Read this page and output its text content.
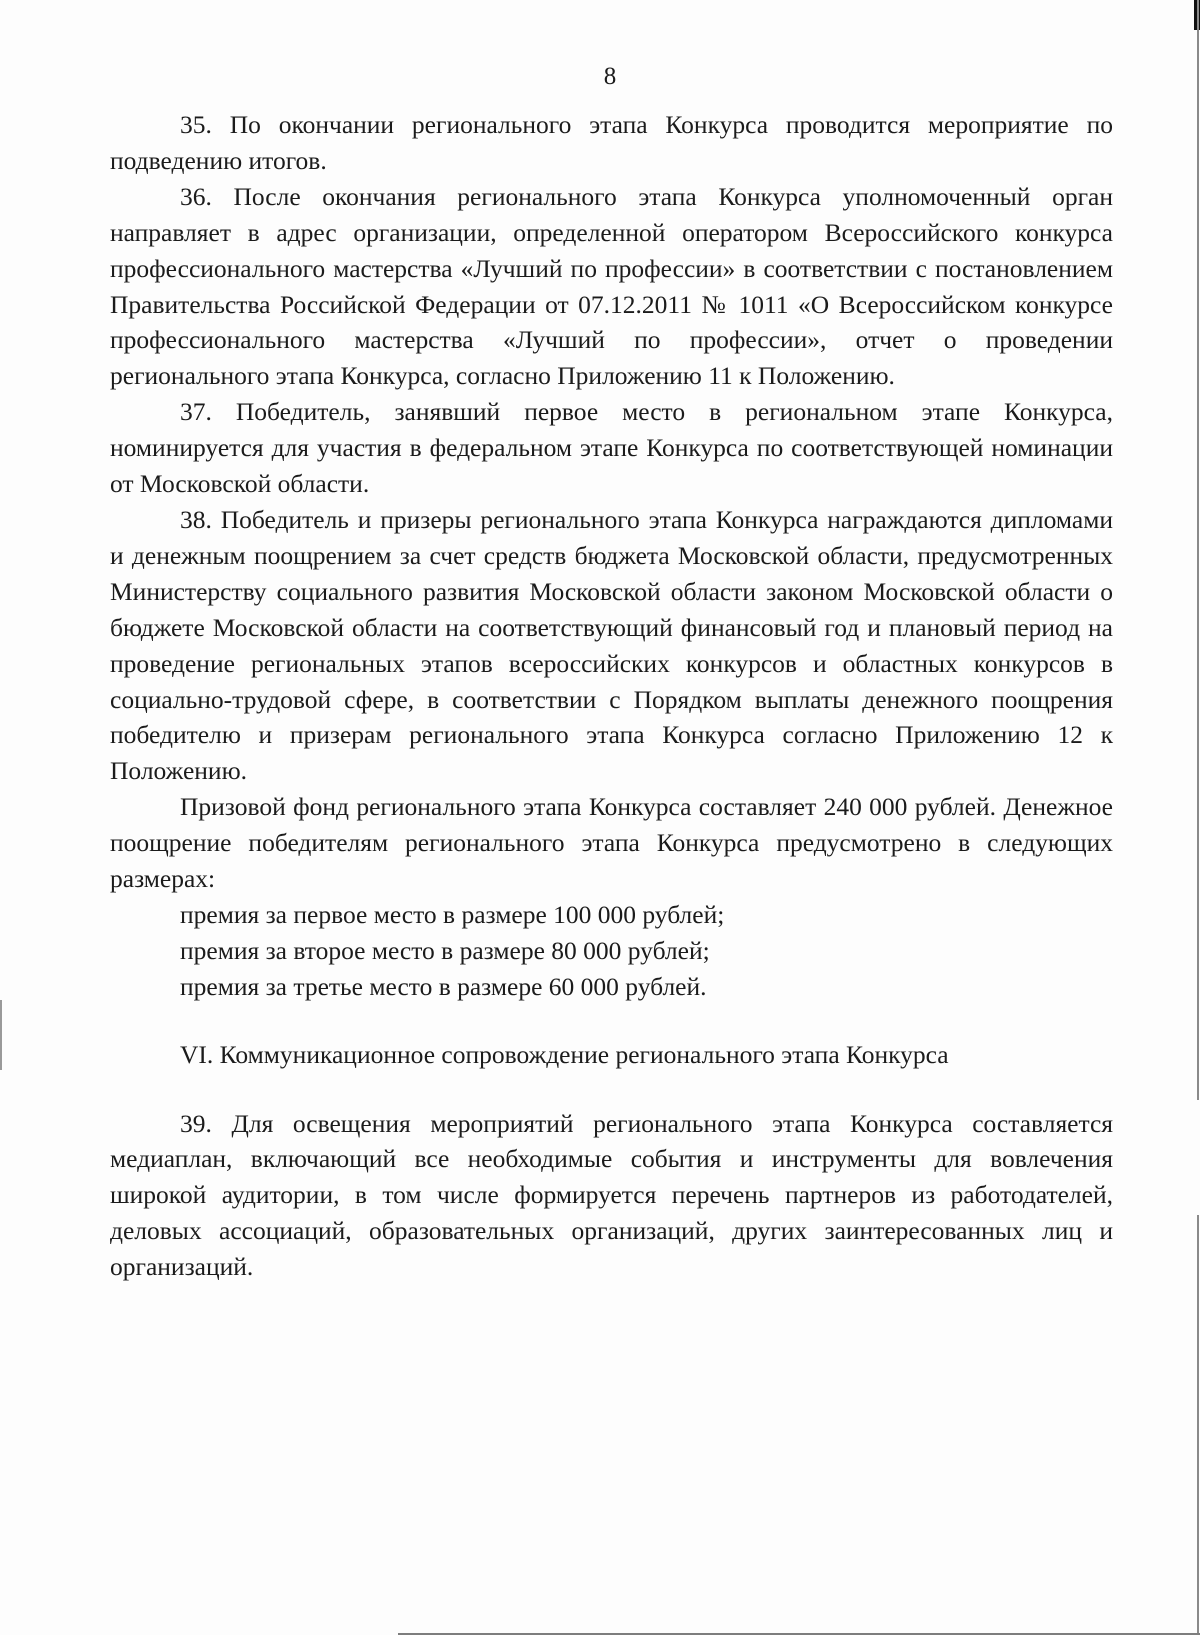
8

35. По окончании регионального этапа Конкурса проводится мероприятие по подведению итогов.

36. После окончания регионального этапа Конкурса уполномоченный орган направляет в адрес организации, определенной оператором Всероссийского конкурса профессионального мастерства «Лучший по профессии» в соответствии с постановлением Правительства Российской Федерации от 07.12.2011 № 1011 «О Всероссийском конкурсе профессионального мастерства «Лучший по профессии», отчет о проведении регионального этапа Конкурса, согласно Приложению 11 к Положению.

37. Победитель, занявший первое место в региональном этапе Конкурса, номинируется для участия в федеральном этапе Конкурса по соответствующей номинации от Московской области.

38. Победитель и призеры регионального этапа Конкурса награждаются дипломами и денежным поощрением за счет средств бюджета Московской области, предусмотренных Министерству социального развития Московской области законом Московской области о бюджете Московской области на соответствующий финансовый год и плановый период на проведение региональных этапов всероссийских конкурсов и областных конкурсов в социально-трудовой сфере, в соответствии с Порядком выплаты денежного поощрения победителю и призерам регионального этапа Конкурса согласно Приложению 12 к Положению.

Призовой фонд регионального этапа Конкурса составляет 240 000 рублей. Денежное поощрение победителям регионального этапа Конкурса предусмотрено в следующих размерах:

премия за первое место в размере 100 000 рублей;

премия за второе место в размере 80 000 рублей;

премия за третье место в размере 60 000 рублей.

VI. Коммуникационное сопровождение регионального этапа Конкурса

39. Для освещения мероприятий регионального этапа Конкурса составляется медиаплан, включающий все необходимые события и инструменты для вовлечения широкой аудитории, в том числе формируется перечень партнеров из работодателей, деловых ассоциаций, образовательных организаций, других заинтересованных лиц и организаций.
